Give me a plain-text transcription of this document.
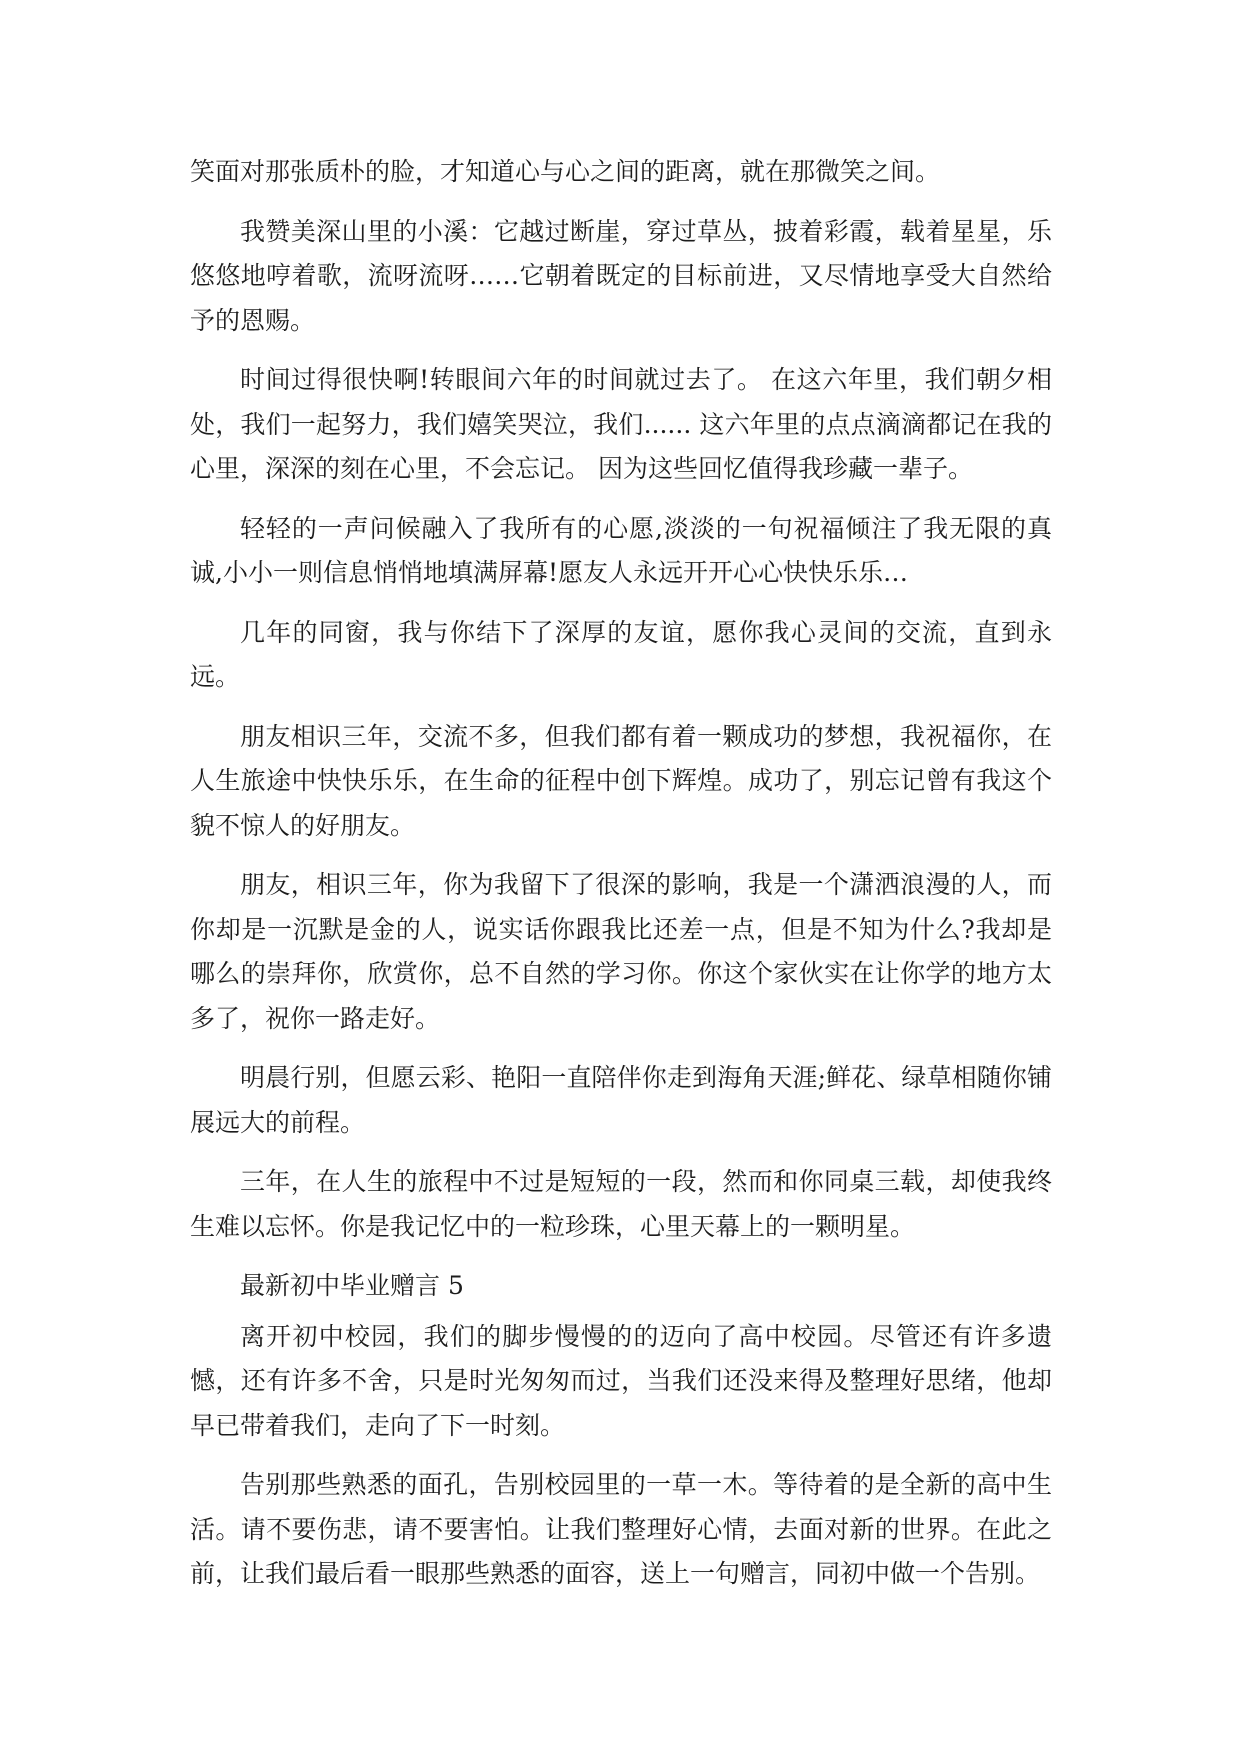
笑面对那张质朴的脸，才知道心与心之间的距离，就在那微笑之间。

我赞美深山里的小溪：它越过断崖，穿过草丛，披着彩霞，载着星星，乐悠悠地哼着歌，流呀流呀……它朝着既定的目标前进，又尽情地享受大自然给予的恩赐。

时间过得很快啊!转眼间六年的时间就过去了。 在这六年里，我们朝夕相处，我们一起努力，我们嬉笑哭泣，我们...... 这六年里的点点滴滴都记在我的心里，深深的刻在心里，不会忘记。 因为这些回忆值得我珍藏一辈子。

轻轻的一声问候融入了我所有的心愿,淡淡的一句祝福倾注了我无限的真诚,小小一则信息悄悄地填满屏幕!愿友人永远开开心心快快乐乐…

几年的同窗，我与你结下了深厚的友谊，愿你我心灵间的交流，直到永远。

朋友相识三年，交流不多，但我们都有着一颗成功的梦想，我祝福你，在人生旅途中快快乐乐，在生命的征程中创下辉煌。成功了，别忘记曾有我这个貌不惊人的好朋友。

朋友，相识三年，你为我留下了很深的影响，我是一个潇洒浪漫的人，而你却是一沉默是金的人，说实话你跟我比还差一点，但是不知为什么?我却是哪么的崇拜你，欣赏你，总不自然的学习你。你这个家伙实在让你学的地方太多了，祝你一路走好。

明晨行别，但愿云彩、艳阳一直陪伴你走到海角天涯;鲜花、绿草相随你铺展远大的前程。

三年，在人生的旅程中不过是短短的一段，然而和你同桌三载，却使我终生难以忘怀。你是我记忆中的一粒珍珠，心里天幕上的一颗明星。

最新初中毕业赠言 5

离开初中校园，我们的脚步慢慢的的迈向了高中校园。尽管还有许多遗憾，还有许多不舍，只是时光匆匆而过，当我们还没来得及整理好思绪，他却早已带着我们，走向了下一时刻。

告别那些熟悉的面孔，告别校园里的一草一木。等待着的是全新的高中生活。请不要伤悲，请不要害怕。让我们整理好心情，去面对新的世界。在此之前，让我们最后看一眼那些熟悉的面容，送上一句赠言，同初中做一个告别。
